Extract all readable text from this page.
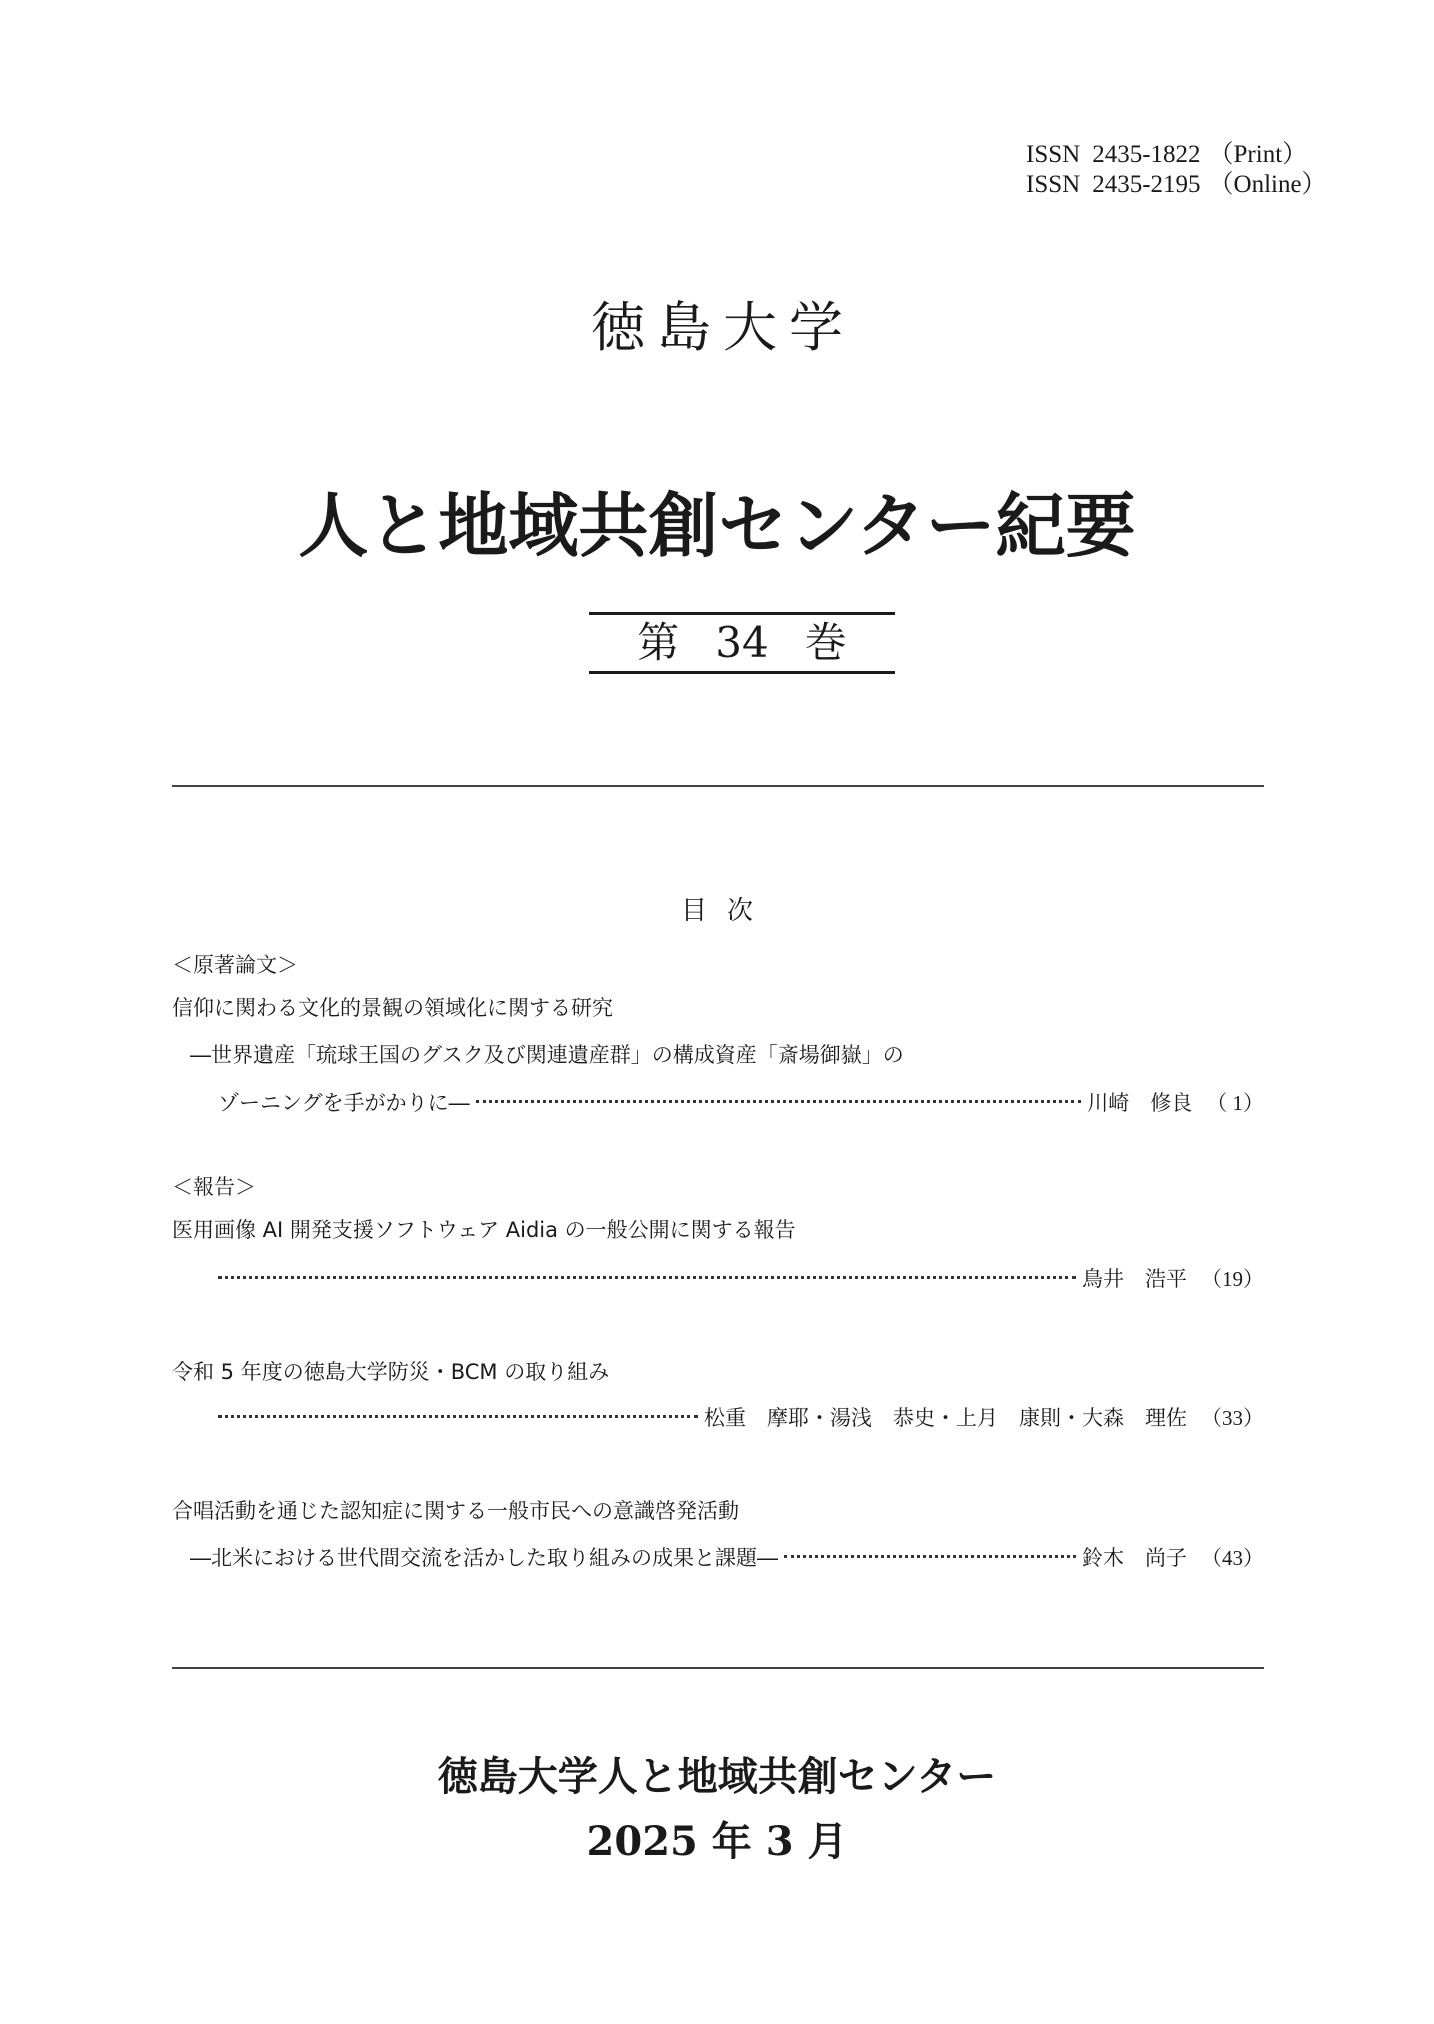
ISSN 2435-1822 （Print）
ISSN 2435-2195 （Online）
徳島大学
人と地域共創センター紀要
第 34 巻
目次
＜原著論文＞
信仰に関わる文化的景観の領域化に関する研究
―世界遺産「琉球王国のグスク及び関連遺産群」の構成資産「斎場御嶽」の
ゾーニングを手がかりに―	川崎　修良 （ 1）
＜報告＞
医用画像 AI 開発支援ソフトウェア Aidia の一般公開に関する報告
鳥井　浩平 （19）
令和 5 年度の徳島大学防災・BCM の取り組み
松重　摩耶・湯浅　恭史・上月　康則・大森　理佐 （33）
合唱活動を通じた認知症に関する一般市民への意識啓発活動
―北米における世代間交流を活かした取り組みの成果と課題―	鈴木　尚子 （43）
徳島大学人と地域共創センター
2025 年 3 月
